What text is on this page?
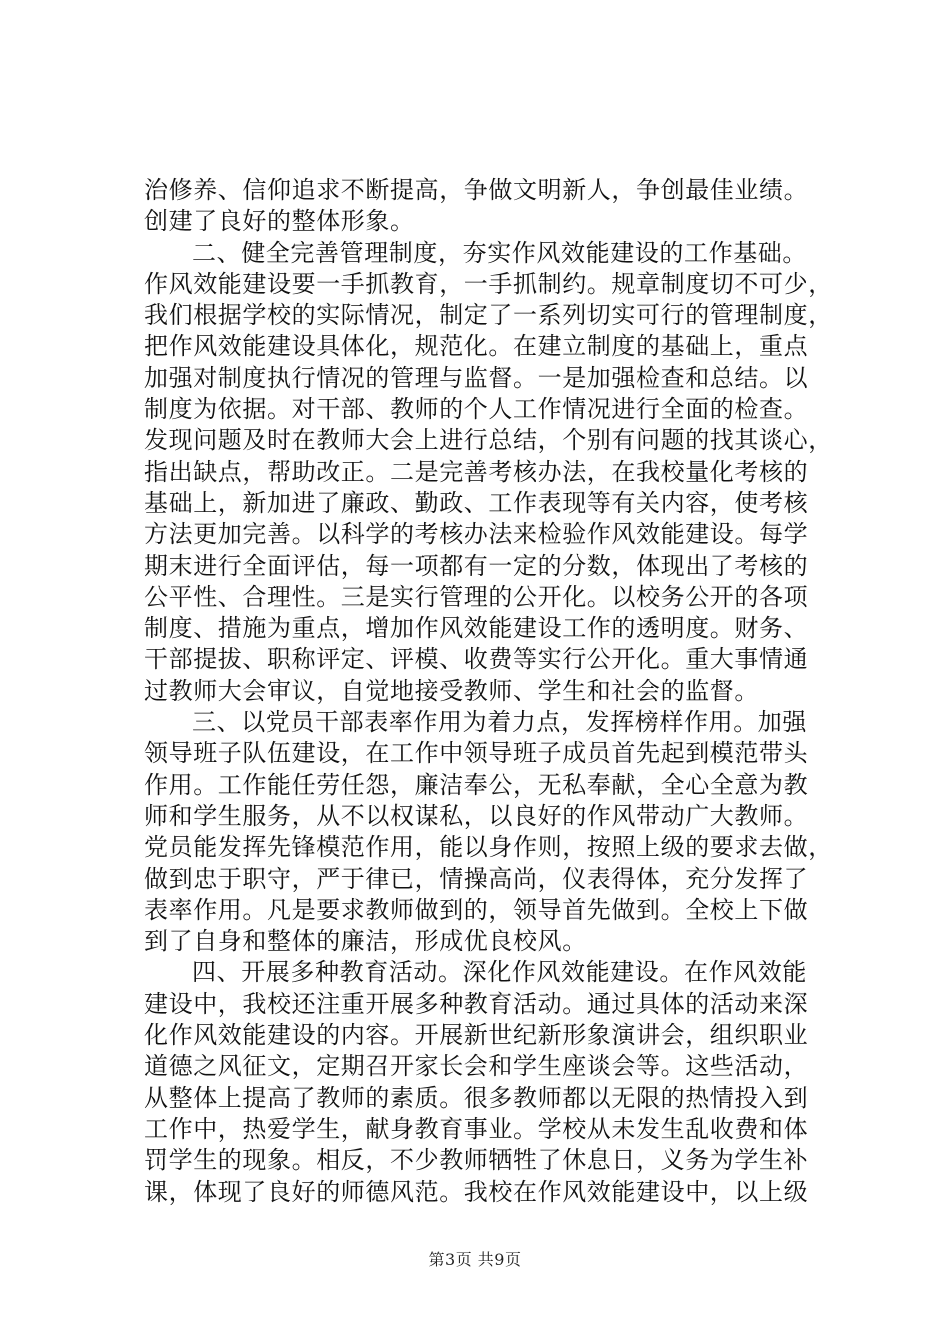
治修养、信仰追求不断提高，争做文明新人，争创最佳业绩。
创建了良好的整体形象。
二、健全完善管理制度，夯实作风效能建设的工作基础。
作风效能建设要一手抓教育，一手抓制约。规章制度切不可少，
我们根据学校的实际情况，制定了一系列切实可行的管理制度，
把作风效能建设具体化，规范化。在建立制度的基础上，重点
加强对制度执行情况的管理与监督。一是加强检查和总结。以
制度为依据。对干部、教师的个人工作情况进行全面的检查。
发现问题及时在教师大会上进行总结，个别有问题的找其谈心，
指出缺点，帮助改正。二是完善考核办法，在我校量化考核的
基础上，新加进了廉政、勤政、工作表现等有关内容，使考核
方法更加完善。以科学的考核办法来检验作风效能建设。每学
期末进行全面评估，每一项都有一定的分数，体现出了考核的
公平性、合理性。三是实行管理的公开化。以校务公开的各项
制度、措施为重点，增加作风效能建设工作的透明度。财务、
干部提拔、职称评定、评模、收费等实行公开化。重大事情通
过教师大会审议，自觉地接受教师、学生和社会的监督。
三、以党员干部表率作用为着力点，发挥榜样作用。加强
领导班子队伍建设，在工作中领导班子成员首先起到模范带头
作用。工作能任劳任怨，廉洁奉公，无私奉献，全心全意为教
师和学生服务，从不以权谋私，以良好的作风带动广大教师。
党员能发挥先锋模范作用，能以身作则，按照上级的要求去做，
做到忠于职守，严于律已，情操高尚，仪表得体，充分发挥了
表率作用。凡是要求教师做到的，领导首先做到。全校上下做
到了自身和整体的廉洁，形成优良校风。
四、开展多种教育活动。深化作风效能建设。在作风效能
建设中，我校还注重开展多种教育活动。通过具体的活动来深
化作风效能建设的内容。开展新世纪新形象演讲会，组织职业
道德之风征文，定期召开家长会和学生座谈会等。这些活动，
从整体上提高了教师的素质。很多教师都以无限的热情投入到
工作中，热爱学生，献身教育事业。学校从未发生乱收费和体
罚学生的现象。相反，不少教师牺牲了休息日，义务为学生补
课，体现了良好的师德风范。我校在作风效能建设中，以上级
第3页 共9页
